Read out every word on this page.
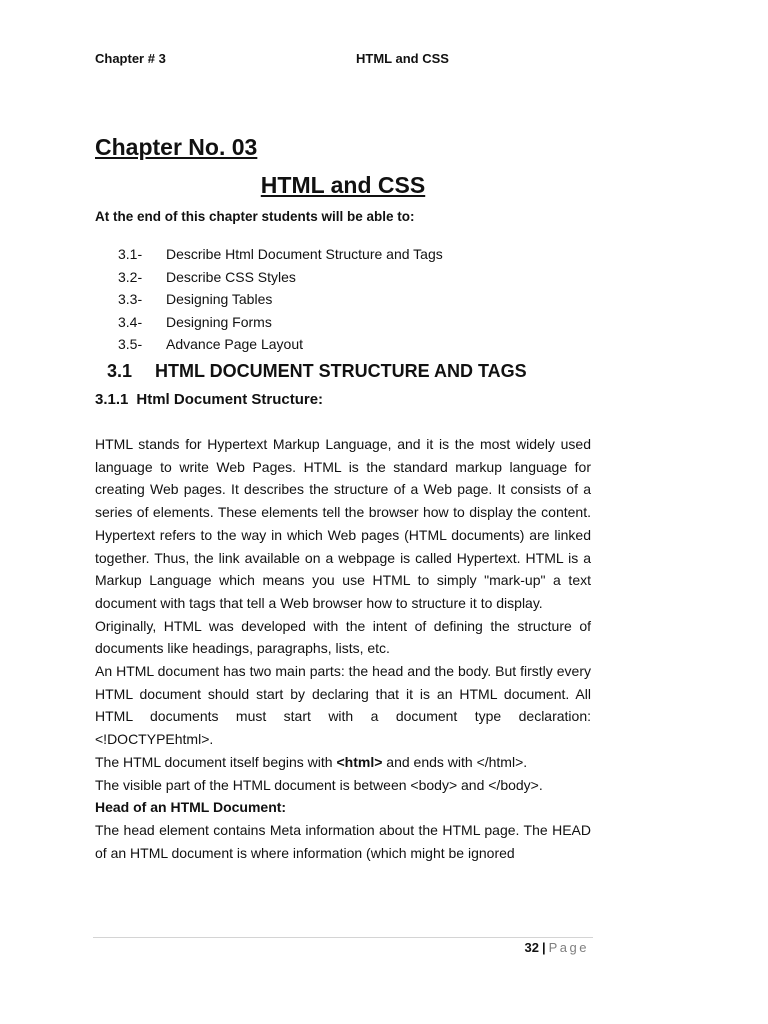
Chapter # 3	HTML and CSS
Chapter No. 03
HTML and CSS

At the end of this chapter students will be able to:

3.1- Describe Html Document Structure and Tags
3.2- Describe CSS Styles
3.3- Designing Tables
3.4- Designing Forms
3.5- Advance Page Layout
3.1 HTML DOCUMENT STRUCTURE AND TAGS
3.1.1 Html Document Structure:

HTML stands for Hypertext Markup Language, and it is the most widely used language to write Web Pages. HTML is the standard markup language for creating Web pages. It describes the structure of a Web page. It consists of a series of elements. These elements tell the browser how to display the content. Hypertext refers to the way in which Web pages (HTML documents) are linked together. Thus, the link available on a webpage is called Hypertext. HTML is a Markup Language which means you use HTML to simply "mark-up" a text document with tags that tell a Web browser how to structure it to display.

Originally, HTML was developed with the intent of defining the structure of documents like headings, paragraphs, lists, etc.

An HTML document has two main parts: the head and the body. But firstly every HTML document should start by declaring that it is an HTML document. All HTML documents must start with a document type declaration: <!DOCTYPEhtml>.

The HTML document itself begins with <html> and ends with </html>.

The visible part of the HTML document is between <body> and </body>.

Head of an HTML Document:

The head element contains Meta information about the HTML page. The HEAD of an HTML document is where information (which might be ignored

32 | Page
